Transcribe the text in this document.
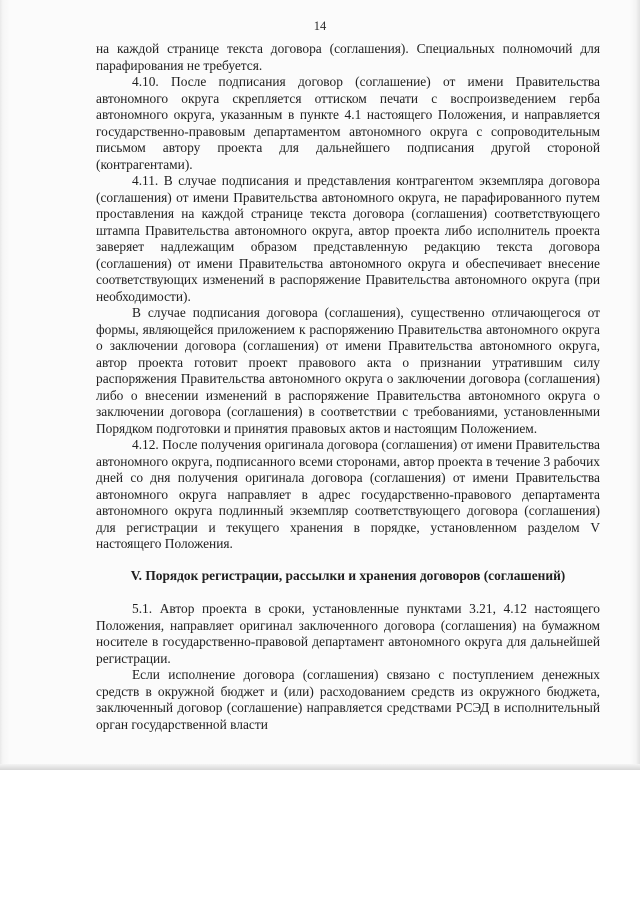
14

на каждой странице текста договора (соглашения). Специальных полномочий для парафирования не требуется.

4.10. После подписания договор (соглашение) от имени Правительства автономного округа скрепляется оттиском печати с воспроизведением герба автономного округа, указанным в пункте 4.1 настоящего Положения, и направляется государственно-правовым департаментом автономного округа с сопроводительным письмом автору проекта для дальнейшего подписания другой стороной (контрагентами).

4.11. В случае подписания и представления контрагентом экземпляра договора (соглашения) от имени Правительства автономного округа, не парафированного путем проставления на каждой странице текста договора (соглашения) соответствующего штампа Правительства автономного округа, автор проекта либо исполнитель проекта заверяет надлежащим образом представленную редакцию текста договора (соглашения) от имени Правительства автономного округа и обеспечивает внесение соответствующих изменений в распоряжение Правительства автономного округа (при необходимости).

В случае подписания договора (соглашения), существенно отличающегося от формы, являющейся приложением к распоряжению Правительства автономного округа о заключении договора (соглашения) от имени Правительства автономного округа, автор проекта готовит проект правового акта о признании утратившим силу распоряжения Правительства автономного округа о заключении договора (соглашения) либо о внесении изменений в распоряжение Правительства автономного округа о заключении договора (соглашения) в соответствии с требованиями, установленными Порядком подготовки и принятия правовых актов и настоящим Положением.

4.12. После получения оригинала договора (соглашения) от имени Правительства автономного округа, подписанного всеми сторонами, автор проекта в течение 3 рабочих дней со дня получения оригинала договора (соглашения) от имени Правительства автономного округа направляет в адрес государственно-правового департамента автономного округа подлинный экземпляр соответствующего договора (соглашения) для регистрации и текущего хранения в порядке, установленном разделом V настоящего Положения.

V. Порядок регистрации, рассылки и хранения договоров (соглашений)

5.1. Автор проекта в сроки, установленные пунктами 3.21, 4.12 настоящего Положения, направляет оригинал заключенного договора (соглашения) на бумажном носителе в государственно-правовой департамент автономного округа для дальнейшей регистрации.

Если исполнение договора (соглашения) связано с поступлением денежных средств в окружной бюджет и (или) расходованием средств из окружного бюджета, заключенный договор (соглашение) направляется средствами РСЭД в исполнительный орган государственной власти
